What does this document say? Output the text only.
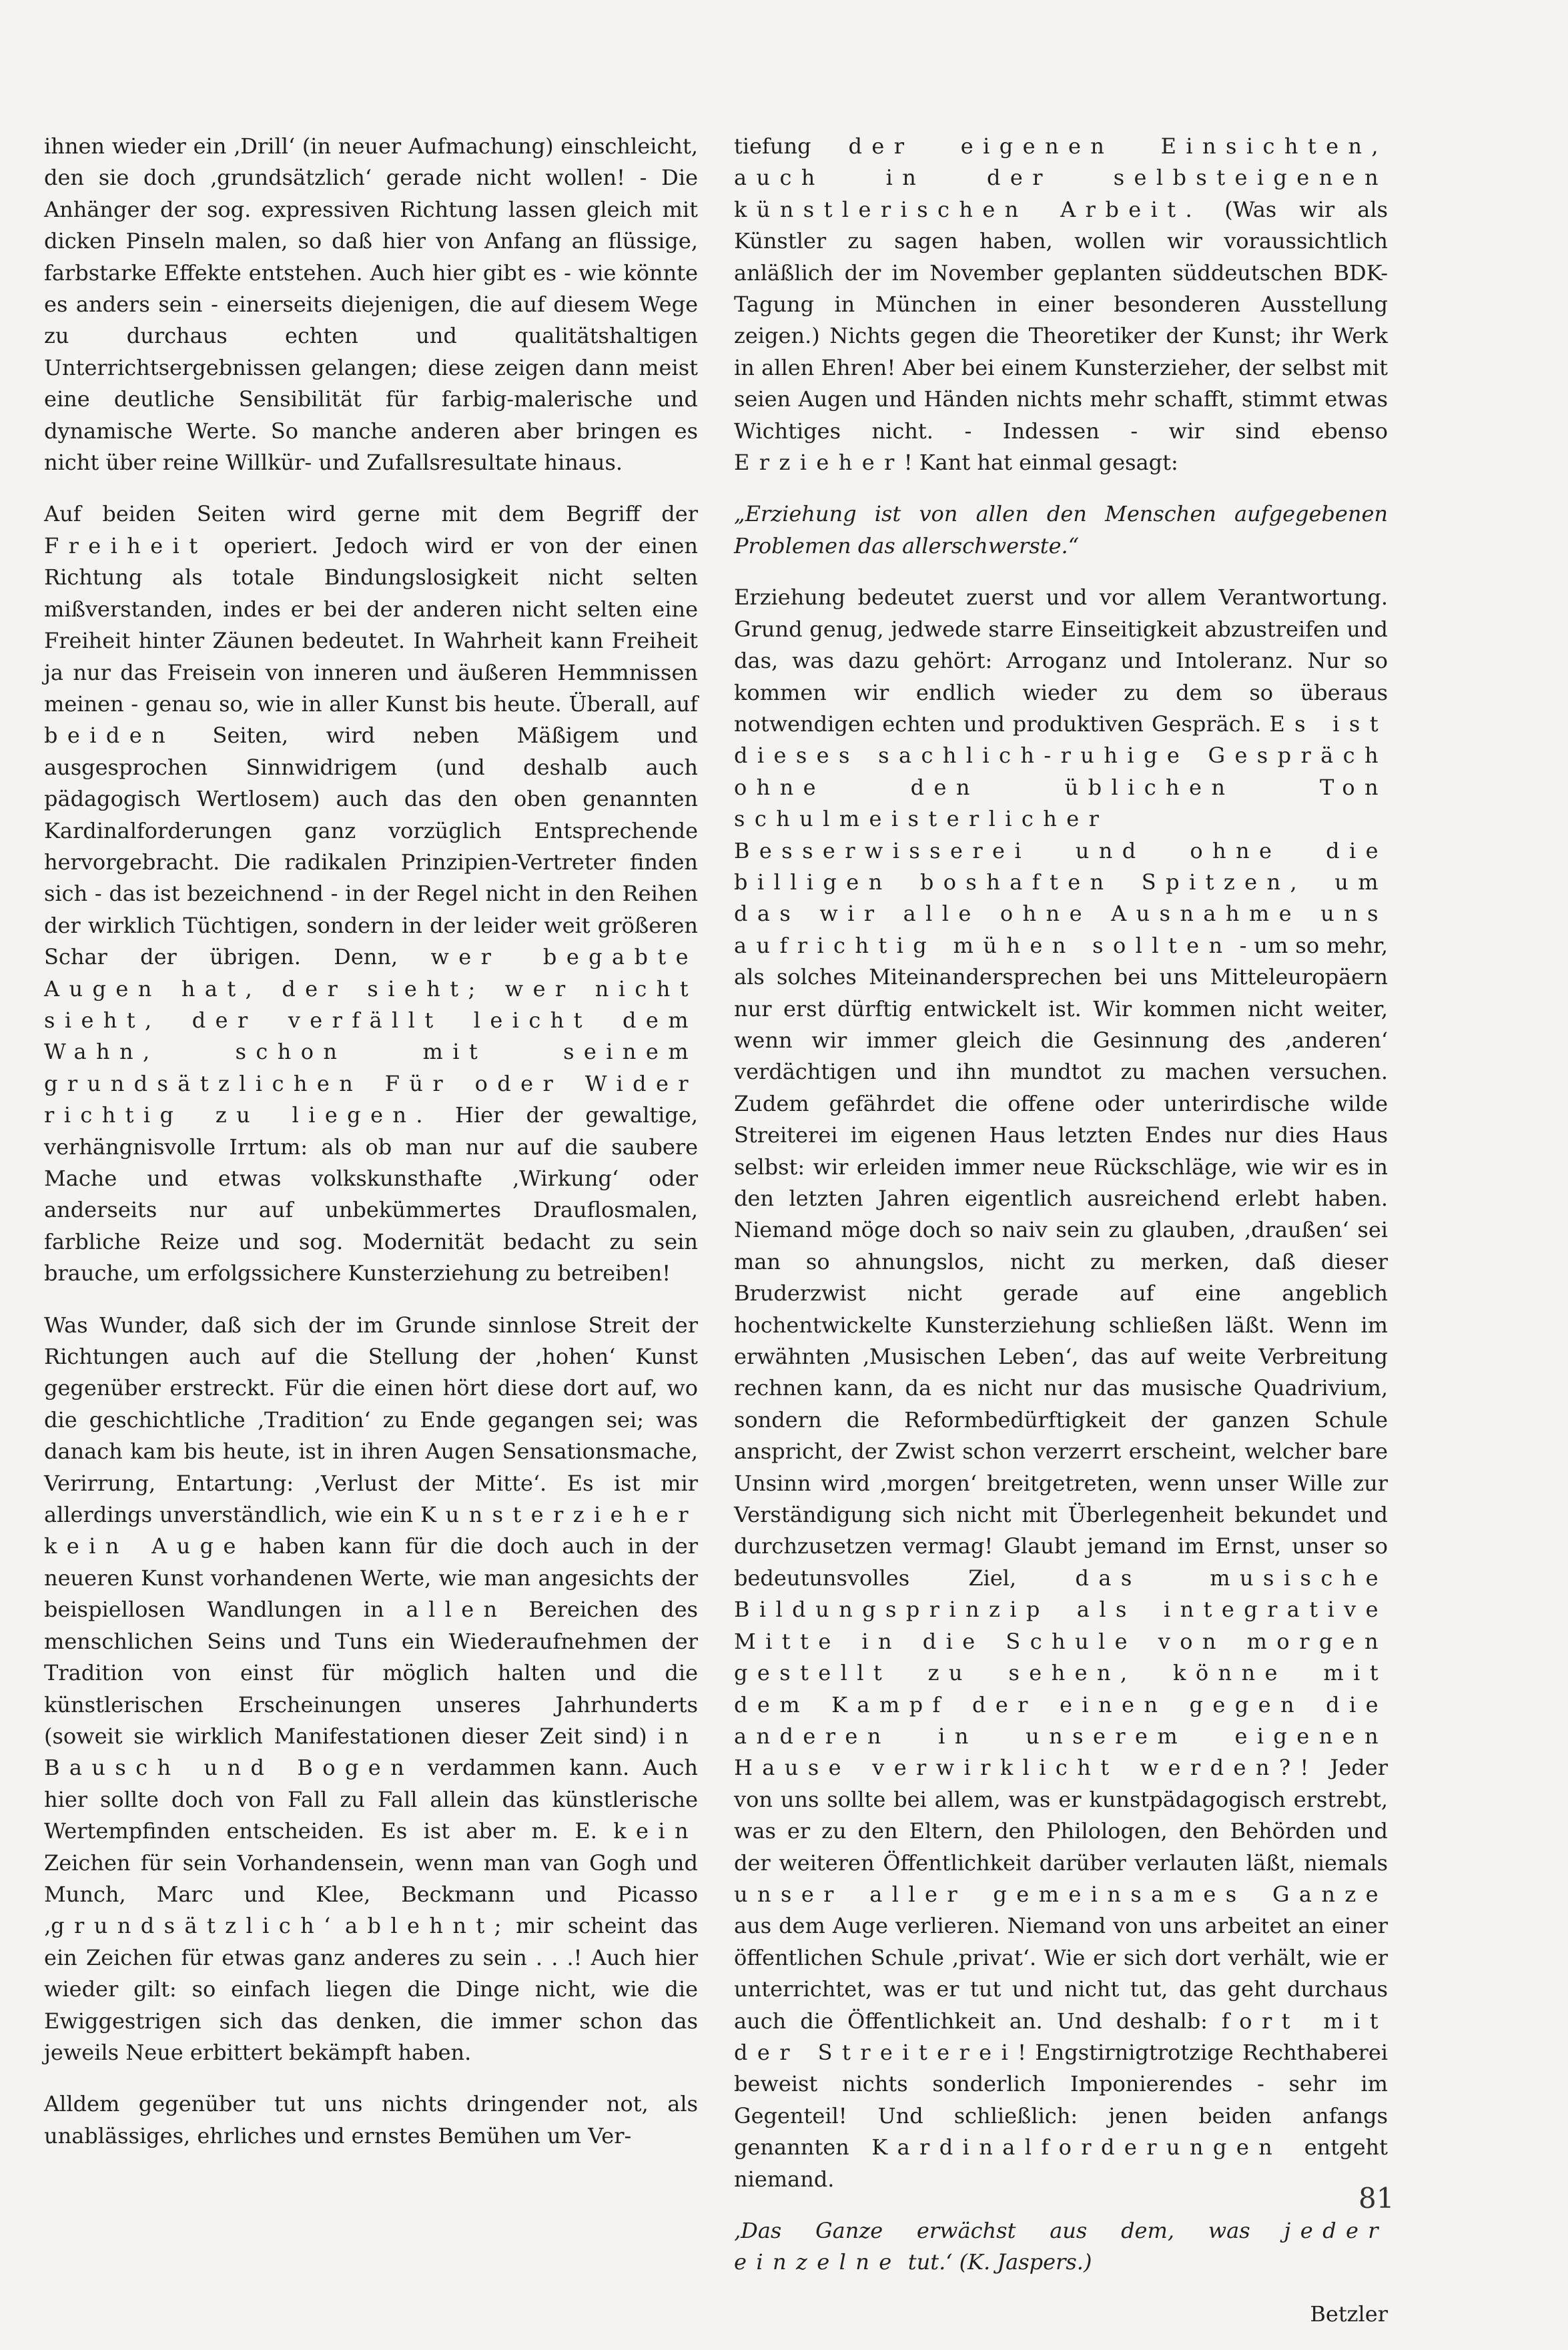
ihnen wieder ein ‚Drill‘ (in neuer Aufmachung) einschleicht, den sie doch ‚grundsätzlich‘ gerade nicht wollen! - Die Anhänger der sog. expressiven Richtung lassen gleich mit dicken Pinseln malen, so daß hier von Anfang an flüssige, farbstarke Effekte entstehen. Auch hier gibt es - wie könnte es anders sein - einerseits diejenigen, die auf diesem Wege zu durchaus echten und qualitätshaltigen Unterrichtsergebnissen gelangen; diese zeigen dann meist eine deutliche Sensibilität für farbig-malerische und dynamische Werte. So manche anderen aber bringen es nicht über reine Willkür- und Zufallsresultate hinaus.

Auf beiden Seiten wird gerne mit dem Begriff der Freiheit operiert. Jedoch wird er von der einen Richtung als totale Bindungslosigkeit nicht selten mißverstanden, indes er bei der anderen nicht selten eine Freiheit hinter Zäunen bedeutet. In Wahrheit kann Freiheit ja nur das Freisein von inneren und äußeren Hemmnissen meinen - genau so, wie in aller Kunst bis heute. Überall, auf beiden Seiten, wird neben Mäßigem und ausgesprochen Sinnwidrigem (und deshalb auch pädagogisch Wertlosem) auch das den oben genannten Kardinalforderungen ganz vorzüglich Entsprechende hervorgebracht. Die radikalen Prinzipien-Vertreter finden sich - das ist bezeichnend - in der Regel nicht in den Reihen der wirklich Tüchtigen, sondern in der leider weit größeren Schar der übrigen. Denn, wer begabte Augen hat, der sieht; wer nicht sieht, der verfällt leicht dem Wahn, schon mit seinem grundsätzlichen Für oder Wider richtig zu liegen. Hier der gewaltige, verhängnisvolle Irrtum: als ob man nur auf die saubere Mache und etwas volkskunsthafte ‚Wirkung‘ oder anderseits nur auf unbekümmertes Drauflosmalen, farbliche Reize und sog. Modernität bedacht zu sein brauche, um erfolgssichere Kunsterziehung zu betreiben!

Was Wunder, daß sich der im Grunde sinnlose Streit der Richtungen auch auf die Stellung der ‚hohen‘ Kunst gegenüber erstreckt. Für die einen hört diese dort auf, wo die geschichtliche ‚Tradition‘ zu Ende gegangen sei; was danach kam bis heute, ist in ihren Augen Sensationsmache, Verirrung, Entartung: ‚Verlust der Mitte‘. Es ist mir allerdings unverständlich, wie ein Kunsterzieher kein Auge haben kann für die doch auch in der neueren Kunst vorhandenen Werte, wie man angesichts der beispiellosen Wandlungen in allen Bereichen des menschlichen Seins und Tuns ein Wiederaufnehmen der Tradition von einst für möglich halten und die künstlerischen Erscheinungen unseres Jahrhunderts (soweit sie wirklich Manifestationen dieser Zeit sind) in Bausch und Bogen verdammen kann. Auch hier sollte doch von Fall zu Fall allein das künstlerische Wertempfinden entscheiden. Es ist aber m. E. kein Zeichen für sein Vorhandensein, wenn man van Gogh und Munch, Marc und Klee, Beckmann und Picasso ‚grundsätzlich‘ ablehnt; mir scheint das ein Zeichen für etwas ganz anderes zu sein . . .! Auch hier wieder gilt: so einfach liegen die Dinge nicht, wie die Ewiggestrigen sich das denken, die immer schon das jeweils Neue erbittert bekämpft haben.

Alldem gegenüber tut uns nichts dringender not, als unablässiges, ehrliches und ernstes Bemühen um Ver-

tiefung der eigenen Einsichten, auch in der selbsteigenen künstlerischen Arbeit. (Was wir als Künstler zu sagen haben, wollen wir voraussichtlich anläßlich der im November geplanten süddeutschen BDK-Tagung in München in einer besonderen Ausstellung zeigen.) Nichts gegen die Theoretiker der Kunst; ihr Werk in allen Ehren! Aber bei einem Kunsterzieher, der selbst mit seien Augen und Händen nichts mehr schafft, stimmt etwas Wichtiges nicht. - Indessen - wir sind ebenso Erzieher! Kant hat einmal gesagt:

„Erziehung ist von allen den Menschen aufgegebenen Problemen das allerschwerste.“

Erziehung bedeutet zuerst und vor allem Verantwortung. Grund genug, jedwede starre Einseitigkeit abzustreifen und das, was dazu gehört: Arroganz und Intoleranz. Nur so kommen wir endlich wieder zu dem so überaus notwendigen echten und produktiven Gespräch. Es ist dieses sachlich-ruhige Gespräch ohne den üblichen Ton schulmeisterlicher Besserwisserei und ohne die billigen boshaften Spitzen, um das wir alle ohne Ausnahme uns aufrichtig mühen sollten - um so mehr, als solches Miteinandersprechen bei uns Mitteleuropäern nur erst dürftig entwickelt ist. Wir kommen nicht weiter, wenn wir immer gleich die Gesinnung des ‚anderen‘ verdächtigen und ihn mundtot zu machen versuchen. Zudem gefährdet die offene oder unterirdische wilde Streiterei im eigenen Haus letzten Endes nur dies Haus selbst: wir erleiden immer neue Rückschläge, wie wir es in den letzten Jahren eigentlich ausreichend erlebt haben. Niemand möge doch so naiv sein zu glauben, ‚draußen‘ sei man so ahnungslos, nicht zu merken, daß dieser Bruderzwist nicht gerade auf eine angeblich hochentwickelte Kunsterziehung schließen läßt. Wenn im erwähnten ‚Musischen Leben‘, das auf weite Verbreitung rechnen kann, da es nicht nur das musische Quadrivium, sondern die Reformbedürftigkeit der ganzen Schule anspricht, der Zwist schon verzerrt erscheint, welcher bare Unsinn wird ‚morgen‘ breitgetreten, wenn unser Wille zur Verständigung sich nicht mit Überlegenheit bekundet und durchzusetzen vermag! Glaubt jemand im Ernst, unser so bedeutunsvolles Ziel, das musische Bildungsprinzip als integrative Mitte in die Schule von morgen gestellt zu sehen, könne mit dem Kampf der einen gegen die anderen in unserem eigenen Hause verwirklicht werden?! Jeder von uns sollte bei allem, was er kunstpädagogisch erstrebt, was er zu den Eltern, den Philologen, den Behörden und der weiteren Öffentlichkeit darüber verlauten läßt, niemals unser aller gemeinsames Ganze aus dem Auge verlieren. Niemand von uns arbeitet an einer öffentlichen Schule ‚privat‘. Wie er sich dort verhält, wie er unterrichtet, was er tut und nicht tut, das geht durchaus auch die Öffentlichkeit an. Und deshalb: fort mit der Streiterei! Engstirnigtrotzige Rechthaberei beweist nichts sonderlich Imponierendes - sehr im Gegenteil! Und schließlich: jenen beiden anfangs genannten Kardinalforderungen entgeht niemand.

‚Das Ganze erwächst aus dem, was jeder einzelne tut.‘ (K. Jaspers.)

Betzler

81
